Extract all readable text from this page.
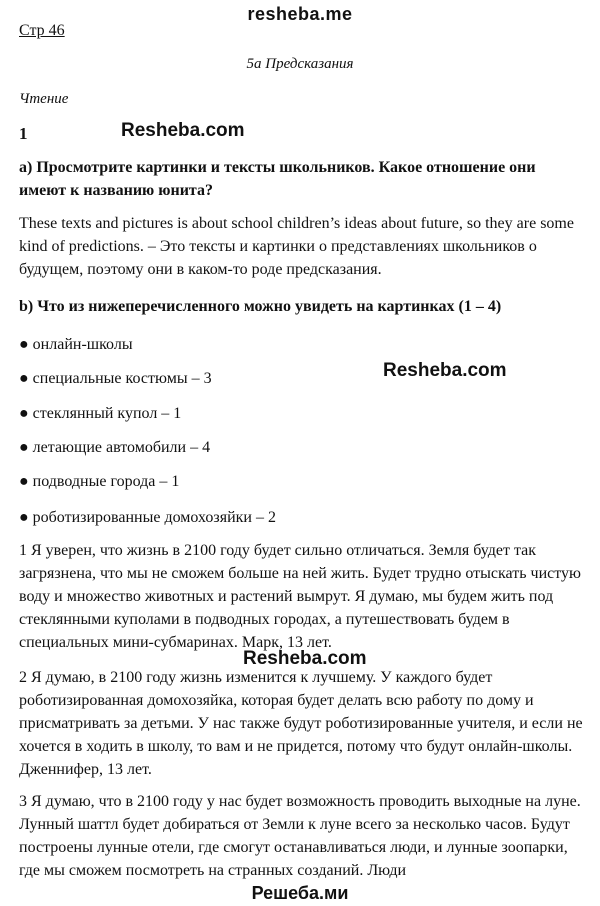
resheba.me
Стр 46
5a Предсказания
Чтение
1	Resheba.com
Resheba.com
Resheba.com
a) Просмотрите картинки и тексты школьников. Какое отношение они имеют к названию юнита?
These texts and pictures is about school children’s ideas about future, so they are some kind of predictions. – Это тексты и картинки о представлениях школьников о будущем, поэтому они в каком-то роде предсказания.
b) Что из нижеперечисленного можно увидеть на картинках (1 – 4)
● онлайн-школы
● специальные костюмы – 3
● стеклянный купол – 1
● летающие автомобили – 4
● подводные города – 1
● роботизированные домохозяйки – 2
1 Я уверен, что жизнь в 2100 году будет сильно отличаться. Земля будет так загрязнена, что мы не сможем больше на ней жить. Будет трудно отыскать чистую воду и множество животных и растений вымрут. Я думаю, мы будем жить под стеклянными куполами в подводных городах, а путешествовать будем в специальных мини-субмаринах. Марк, 13 лет.
2 Я думаю, в 2100 году жизнь изменится к лучшему. У каждого будет роботизированная домохозяйка, которая будет делать всю работу по дому и присматривать за детьми. У нас также будут роботизированные учителя, и если не хочется в ходить в школу, то вам и не придется, потому что будут онлайн-школы. Дженнифер, 13 лет.
3 Я думаю, что в 2100 году у нас будет возможность проводить выходные на луне. Лунный шаттл будет добираться от Земли к луне всего за несколько часов. Будут построены лунные отели, где смогут останавливаться люди, и лунные зоопарки, где мы сможем посмотреть на странных созданий. Люди
Решеба.ми
